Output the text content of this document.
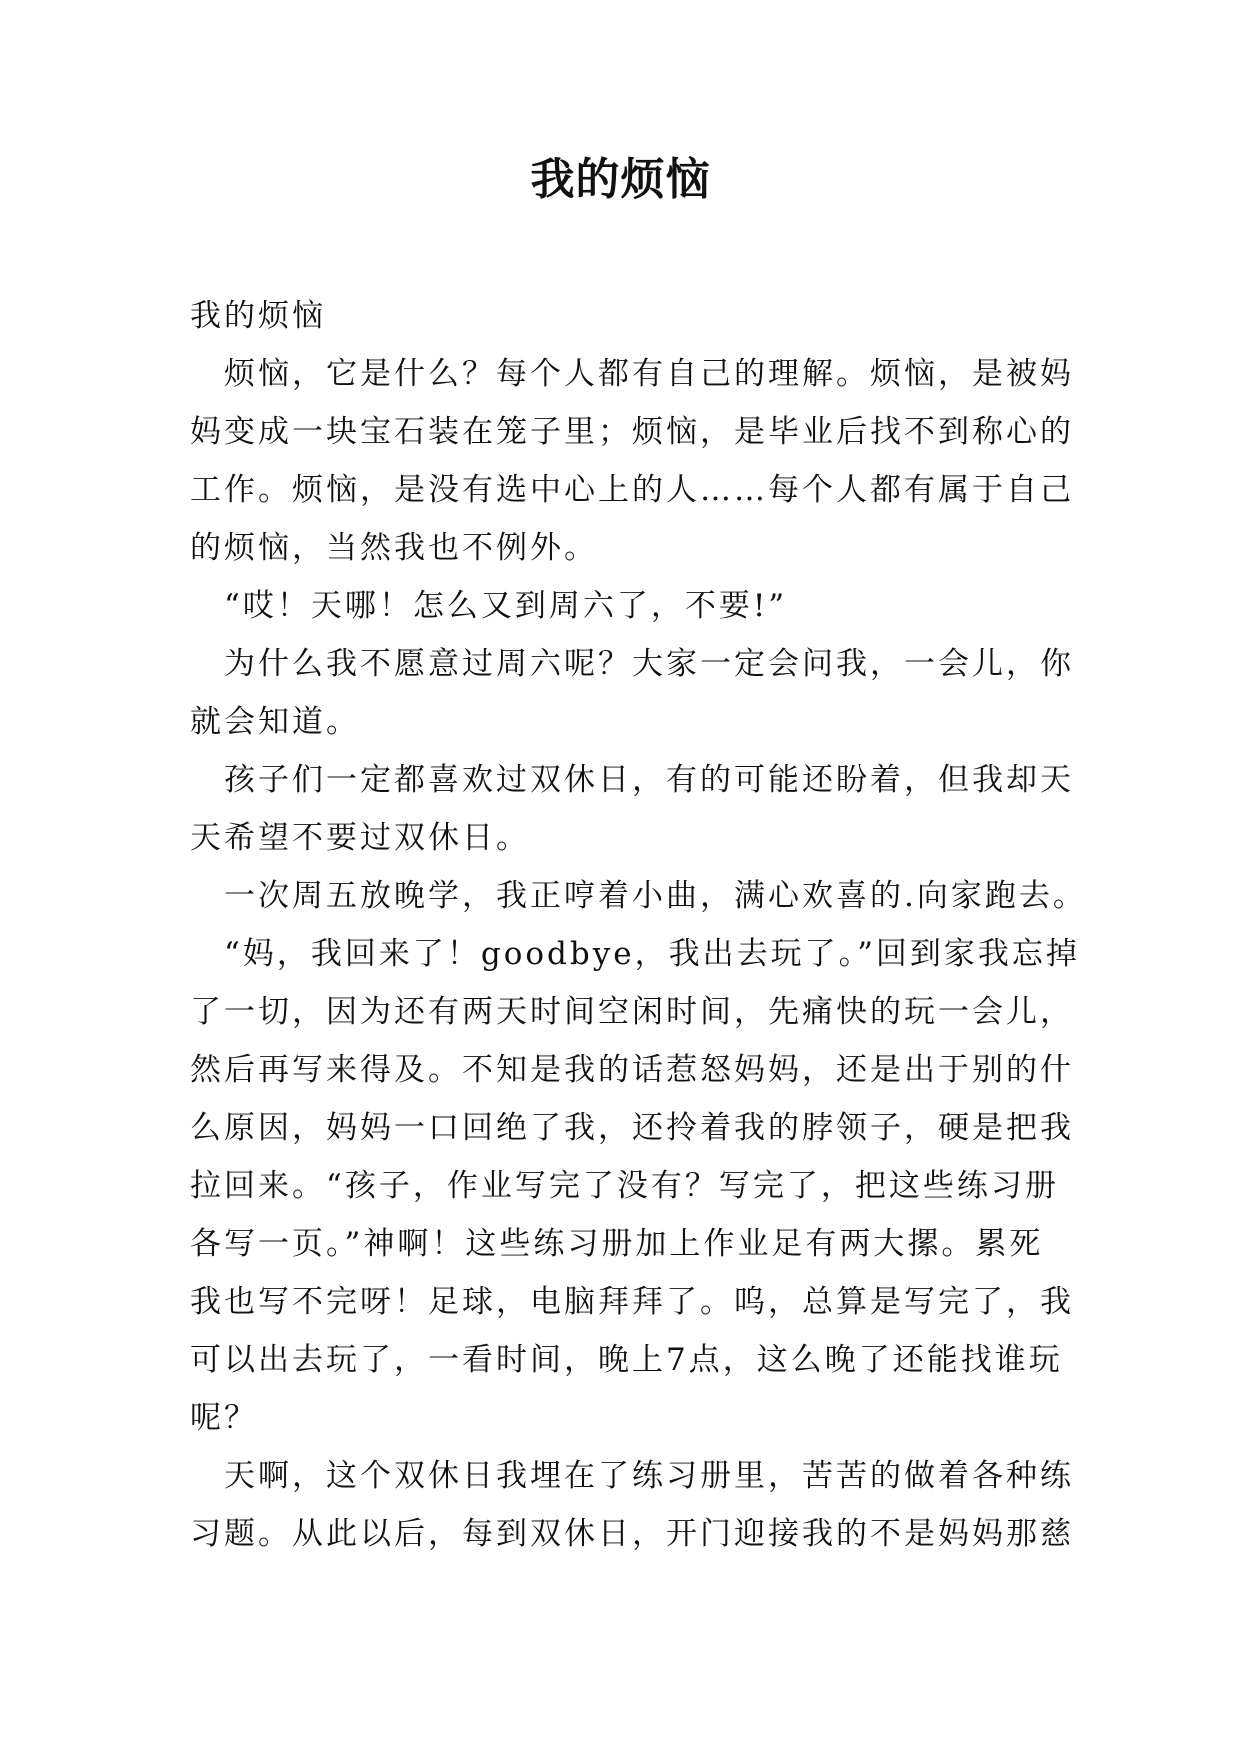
我的烦恼
我的烦恼
烦恼，它是什么？每个人都有自己的理解。烦恼，是被妈
妈变成一块宝石装在笼子里；烦恼，是毕业后找不到称心的
工作。烦恼，是没有选中心上的人……每个人都有属于自己
的烦恼，当然我也不例外。
“哎！天哪！怎么又到周六了，不要!”
为什么我不愿意过周六呢？大家一定会问我，一会儿，你
就会知道。
孩子们一定都喜欢过双休日，有的可能还盼着，但我却天
天希望不要过双休日。
一次周五放晚学，我正哼着小曲，满心欢喜的.向家跑去。
“妈，我回来了！goodbye，我出去玩了。”回到家我忘掉
了一切，因为还有两天时间空闲时间，先痛快的玩一会儿，
然后再写来得及。不知是我的话惹怒妈妈，还是出于别的什
么原因，妈妈一口回绝了我，还拎着我的脖领子，硬是把我
拉回来。“孩子，作业写完了没有？写完了，把这些练习册
各写一页。”神啊！这些练习册加上作业足有两大摞。累死
我也写不完呀！足球，电脑拜拜了。呜，总算是写完了，我
可以出去玩了，一看时间，晚上7点，这么晚了还能找谁玩
呢？
天啊，这个双休日我埋在了练习册里，苦苦的做着各种练
习题。从此以后，每到双休日，开门迎接我的不是妈妈那慈
